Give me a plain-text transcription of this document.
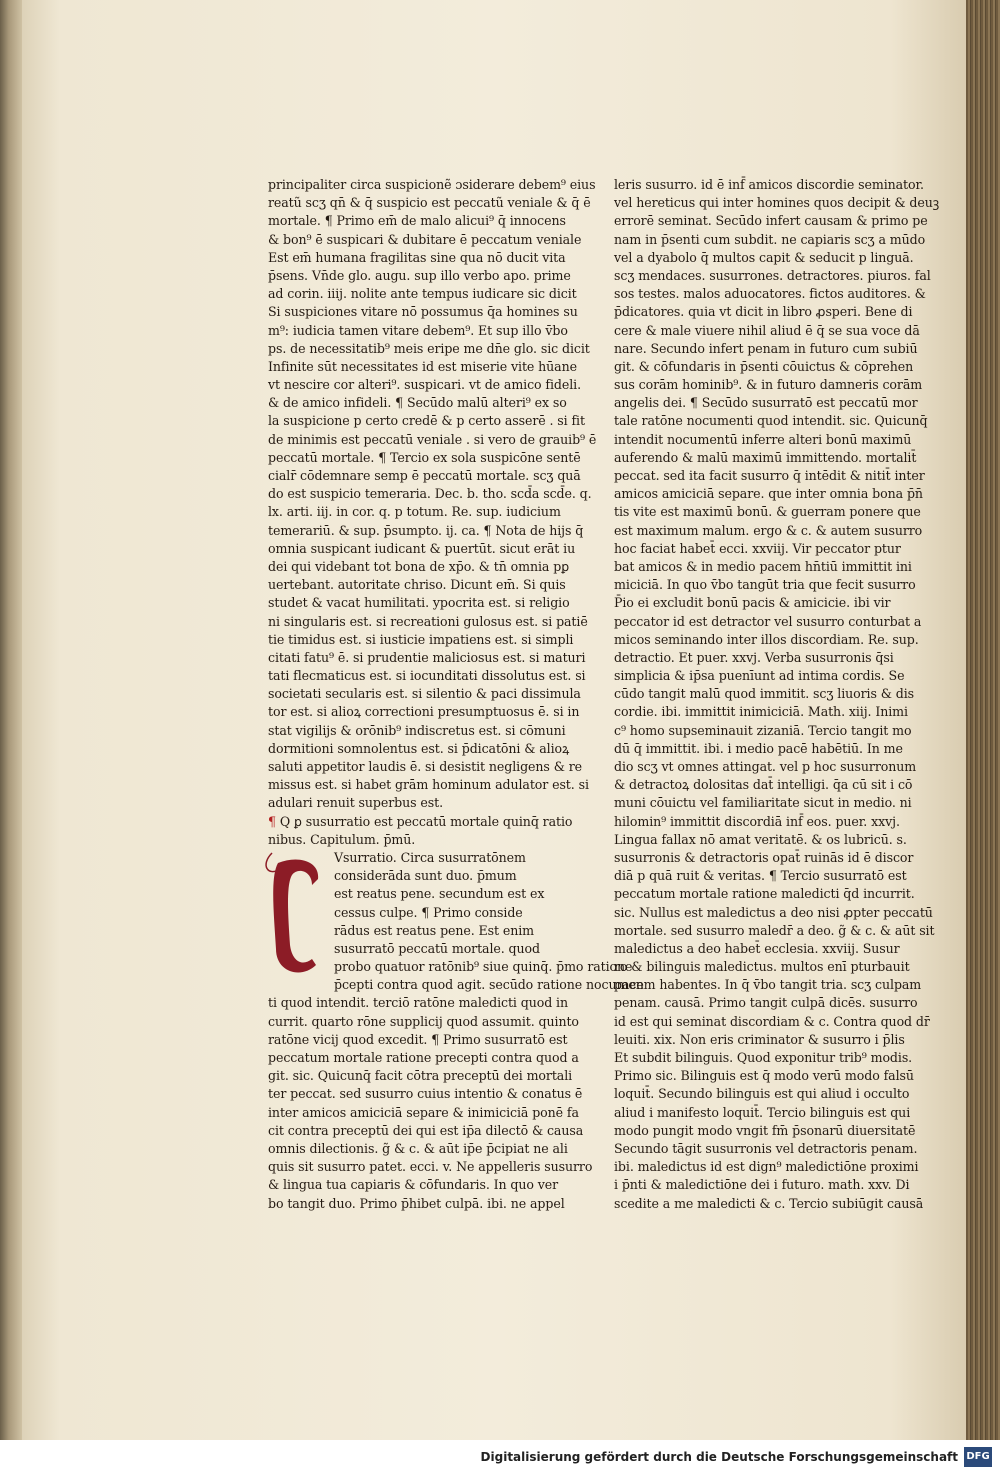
principaliter circa suspicionẽ ɔsiderare debem⁹ eius
reatũ scʒ qn̄ & q̄ suspicio est peccatũ veniale & q̄ ē
mortale. ¶ Primo em̄ de malo alicui⁹ q̄ innocens
& bon⁹ ē suspicari & dubitare ē peccatum veniale
Est em̄ humana fragilitas sine qua nō ducit vita
p̄sens. Vn̄de glo. augu. sup illo verbo apo. prime
ad corin. iiij. nolite ante tempus iudicare sic dicit
Si suspiciones vitare nō possumus q̄a homines su
m⁹: iudicia tamen vitare debem⁹. Et sup illo v̄bo
ps. de necessitatib⁹ meis eripe me dn̄e glo. sic dicit
Infinite sūt necessitates id est miserie vite hūane
vt nescire cor alteri⁹. suspicari. vt de amico fideli.
& de amico infideli. ¶ Secūdo malū alteri⁹ ex so
la suspicione p certo credē & p certo asserē . si fit
de minimis est peccatū veniale . si vero de grauib⁹ ē
peccatū mortale. ¶ Tercio ex sola suspicōne sentē
cialr̄ cōdemnare semp ē peccatū mortale. scʒ quā
do est suspicio temeraria. Dec. b. tho. scd̄a scd̄e. q.
lx. arti. iij. in cor. q. p totum. Re. sup. iudicium
temerariū. & sup. p̄sumpto. ij. ca. ¶ Nota de hijs q̄
omnia suspicant iudicant & puertūt. sicut erāt iu
dei qui videbant tot bona de xp̄o. & tn̄ omnia pꝑ
uertebant. autoritate chriso. Dicunt em̄. Si quis
studet & vacat humilitati. ypocrita est. si religio
ni singularis est. si recreationi gulosus est. si patiē
tie timidus est. si iusticie impatiens est. si simpli
citati fatu⁹ ē. si prudentie maliciosus est. si maturi
tati flecmaticus est. si iocunditati dissolutus est. si
societati secularis est. si silentio & paci dissimula
tor est. si alioꝝ correctioni presumptuosus ē. si in
stat vigilijs & orōnib⁹ indiscretus est. si cōmuni
dormitioni somnolentus est. si p̄dicatōni & alioꝝ
saluti appetitor laudis ē. si desistit negligens & re
missus est. si habet grām hominum adulator est. si
adulari renuit superbus est.
¶ Q ꝑ susurratio est peccatū mortale quinq̄ ratio
nibus. Capitulum. p̄mū.
Vsurratio. Circa susurratōnem
considerāda sunt duo. p̄mum
est reatus pene. secundum est ex
cessus culpe. ¶ Primo conside
rādus est reatus pene. Est enim
susurratō peccatū mortale. quod
probo quatuor ratōnib⁹ siue quinq̄. p̄mo ratione
p̄cepti contra quod agit. secūdo ratione nocumen
ti quod intendit. terciō ratōne maledicti quod in
currit. quarto rōne supplicij quod assumit. quinto
ratōne vicij quod excedit. ¶ Primo susurratō est
peccatum mortale ratione precepti contra quod a
git. sic. Quicunq̄ facit cōtra preceptū dei mortali
ter peccat. sed susurro cuius intentio & conatus ē
inter amicos amiciciā separe & inimiciciā ponē fa
cit contra preceptū dei qui est ip̄a dilectō & causa
omnis dilectionis. g̃ & c. & aūt ip̄e p̄cipiat ne ali
quis sit susurro patet. ecci. v. Ne appelleris susurro
& lingua tua capiaris & cōfundaris. In quo ver
bo tangit duo. Primo p̄hibet culpā. ibi. ne appel
leris susurro. id ē inf̄ amicos discordie seminator.
vel hereticus qui inter homines quos decipit & deuꝫ
errorē seminat. Secūdo infert causam & primo pe
nam in p̄senti cum subdit. ne capiaris scʒ a mūdo
vel a dyabolo q̄ multos capit & seducit p linguā.
scʒ mendaces. susurrones. detractores. piuros. fal
sos testes. malos aduocatores. fictos auditores. &
p̄dicatores. quia vt dicit in libro ꝓsperi. Bene di
cere & male viuere nihil aliud ē q̄ se sua voce dā
nare. Secundo infert penam in futuro cum subiū
git. & cōfundaris in p̄senti cōuictus & cōprehen
sus corām hominib⁹. & in futuro damneris corām
angelis dei. ¶ Secūdo susurratō est peccatū mor
tale ratōne nocumenti quod intendit. sic. Quicunq̄
intendit nocumentū inferre alteri bonū maximū
auferendo & malū maximū immittendo. mortalit̄
peccat. sed ita facit susurro q̄ intēdit & nitit̄ inter
amicos amiciciā separe. que inter omnia bona p̄n̄
tis vite est maximū bonū. & guerram ponere que
est maximum malum. ergo & c. & autem susurro
hoc faciat habet̄ ecci. xxviij. Vir peccator ptur
bat amicos & in medio pacem hn̄tiū immittit ini
miciciā. In quo v̄bo tangūt tria que fecit susurro
P̄io ei excludit bonū pacis & amicicie. ibi vir
peccator id est detractor vel susurro conturbat a
micos seminando inter illos discordiam. Re. sup.
detractio. Et puer. xxvj. Verba susurronis q̄si
simplicia & ip̄sa puenīunt ad intima cordis. Se
cūdo tangit malū quod immitit. scʒ liuoris & dis
cordie. ibi. immittit inimiciciā. Math. xiij. Inimi
c⁹ homo supseminauit zizaniā. Tercio tangit mo
dū q̄ immittit. ibi. i medio pacē habētiū. In me
dio scʒ vt omnes attingat. vel p hoc susurronum
& detractoꝝ dolositas dat̄ intelligi. q̄a cū sit i cō
muni cōuictu vel familiaritate sicut in medio. ni
hilomin⁹ immittit discordiā inf̄ eos. puer. xxvj.
Lingua fallax nō amat veritatē. & os lubricū. s.
susurronis & detractoris opat̄ ruinās id ē discor
diā p quā ruit & veritas. ¶ Tercio susurratō est
peccatum mortale ratione maledicti q̄d incurrit.
sic. Nullus est maledictus a deo nisi ꝓpter peccatū
mortale. sed susurro maledr̄ a deo. g̃ & c. & aūt sit
maledictus a deo habet̄ ecclesia. xxviij. Susur
ro & bilinguis maledictus. multos enī pturbauit
pacem habentes. In q̄ v̄bo tangit tria. scʒ culpam
penam. causā. Primo tangit culpā dicēs. susurro
id est qui seminat discordiam & c. Contra quod dr̄
leuiti. xix. Non eris criminator & susurro i p̄lis
Et subdit bilinguis. Quod exponitur trib⁹ modis.
Primo sic. Bilinguis est q̄ modo verū modo falsū
loquit̄. Secundo bilinguis est qui aliud i occulto
aliud i manifesto loquit̄. Tercio bilinguis est qui
modo pungit modo vngit fm̄ p̄sonarū diuersitatē
Secundo tāgit susurronis vel detractoris penam.
ibi. maledictus id est dign⁹ maledictiōne proximi
i p̄nti & maledictiōne dei i futuro. math. xxv. Di
scedite a me maledicti & c. Tercio subiūgit causā
Digitalisierung gefördert durch die Deutsche Forschungsgemeinschaft DFG
